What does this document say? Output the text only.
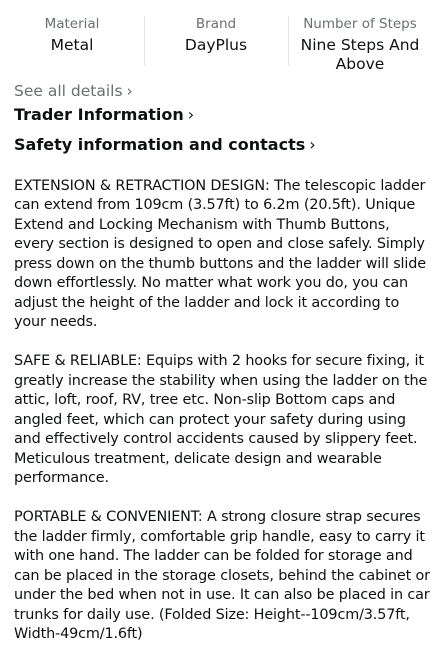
Material
Metal
Brand
DayPlus
Number of Steps
Nine Steps And
Above
See all details ›
Trader Information ›
Safety information and contacts ›

EXTENSION & RETRACTION DESIGN: The telescopic ladder can extend from 109cm (3.57ft) to 6.2m (20.5ft). Unique Extend and Locking Mechanism with Thumb Buttons, every section is designed to open and close safely. Simply press down on the thumb buttons and the ladder will slide down effortlessly. No matter what work you do, you can adjust the height of the ladder and lock it according to your needs.

SAFE & RELIABLE: Equips with 2 hooks for secure fixing, it greatly increase the stability when using the ladder on the attic, loft, roof, RV, tree etc. Non-slip Bottom caps and angled feet, which can protect your safety during using and effectively control accidents caused by slippery feet. Meticulous treatment, delicate design and wearable performance.

PORTABLE & CONVENIENT: A strong closure strap secures the ladder firmly, comfortable grip handle, easy to carry it with one hand. The ladder can be folded for storage and can be placed in the storage closets, behind the cabinet or under the bed when not in use. It can also be placed in car trunks for daily use. (Folded Size: Height--109cm/3.57ft, Width-49cm/1.6ft)
